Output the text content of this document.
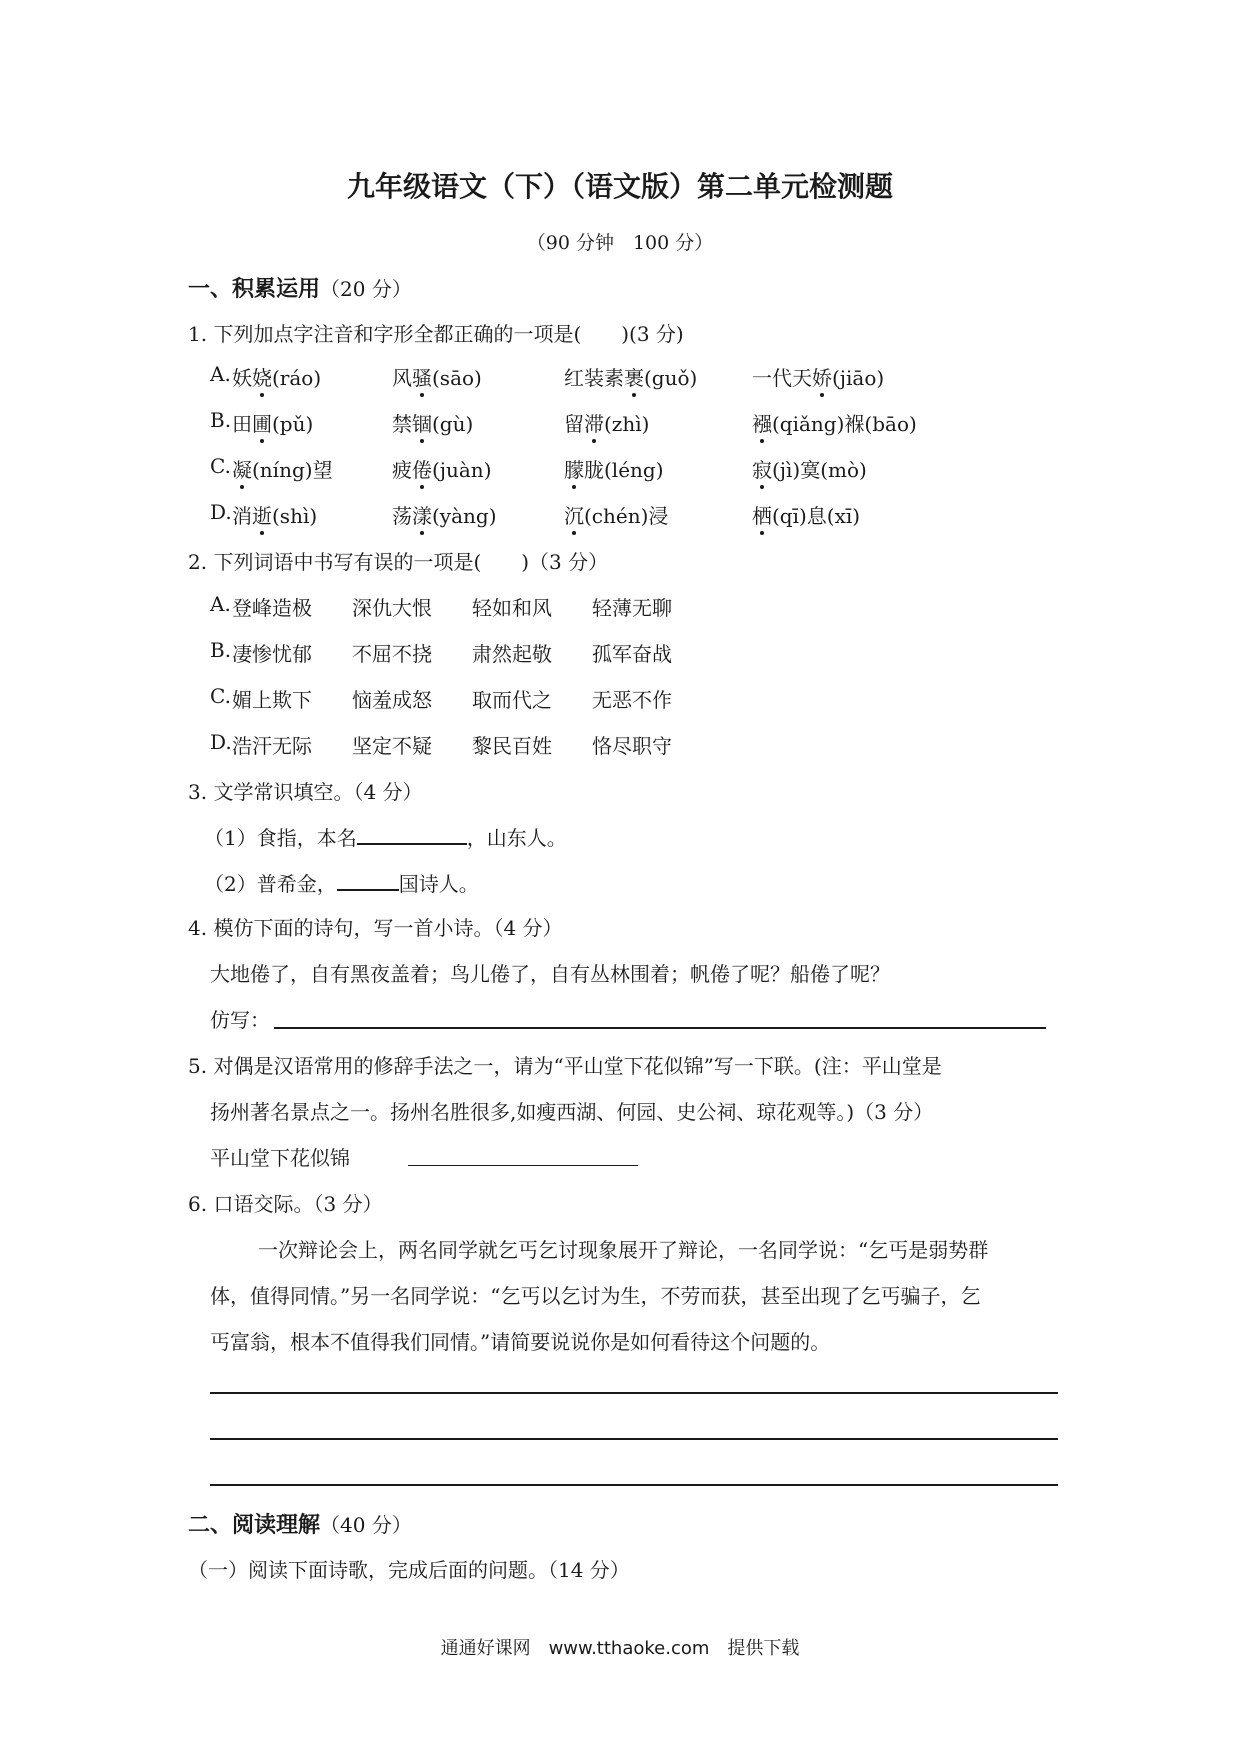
九年级语文（下）（语文版）第二单元检测题
（90 分钟　100 分）
一、积累运用（20 分）
1. 下列加点字注音和字形全都正确的一项是(　　)(3 分)
A. 妖娆(ráo)	风骚(sāo)	红装素裹(guǒ)	一代天娇(jiāo)
B. 田圃(pǔ)	禁锢(gù)	留滞(zhì)	襁(qiǎng)褓(bāo)
C. 凝(níng)望	疲倦(juàn)	朦胧(léng)	寂(jì)寞(mò)
D. 消逝(shì)	荡漾(yàng)	沉(chén)浸	栖(qī)息(xī)
2. 下列词语中书写有误的一项是(　　)（3 分）
A. 登峰造极 深仇大恨 轻如和风 轻薄无聊
B. 凄惨忧郁 不屈不挠 肃然起敬 孤军奋战
C. 媚上欺下 恼羞成怒 取而代之 无恶不作
D. 浩汗无际 坚定不疑 黎民百姓 恪尽职守
3. 文学常识填空。（4 分）
（1）食指，本名	，山东人。
（2）普希金，	国诗人。
4. 模仿下面的诗句，写一首小诗。（4 分）
大地倦了，自有黑夜盖着；鸟儿倦了，自有丛林围着；帆倦了呢？船倦了呢？
仿写：
5. 对偶是汉语常用的修辞手法之一，请为“平山堂下花似锦”写一下联。(注：平山堂是
扬州著名景点之一。扬州名胜很多,如瘦西湖、何园、史公祠、琼花观等。)（3 分）
平山堂下花似锦
6. 口语交际。（3 分）
一次辩论会上，两名同学就乞丐乞讨现象展开了辩论，一名同学说：“乞丐是弱势群
体，值得同情。”另一名同学说：“乞丐以乞讨为生，不劳而获，甚至出现了乞丐骗子，乞
丐富翁，根本不值得我们同情。”请简要说说你是如何看待这个问题的。
二、阅读理解（40 分）
（一）阅读下面诗歌，完成后面的问题。（14 分）
通通好课网　www.tthaoke.com　提供下载
